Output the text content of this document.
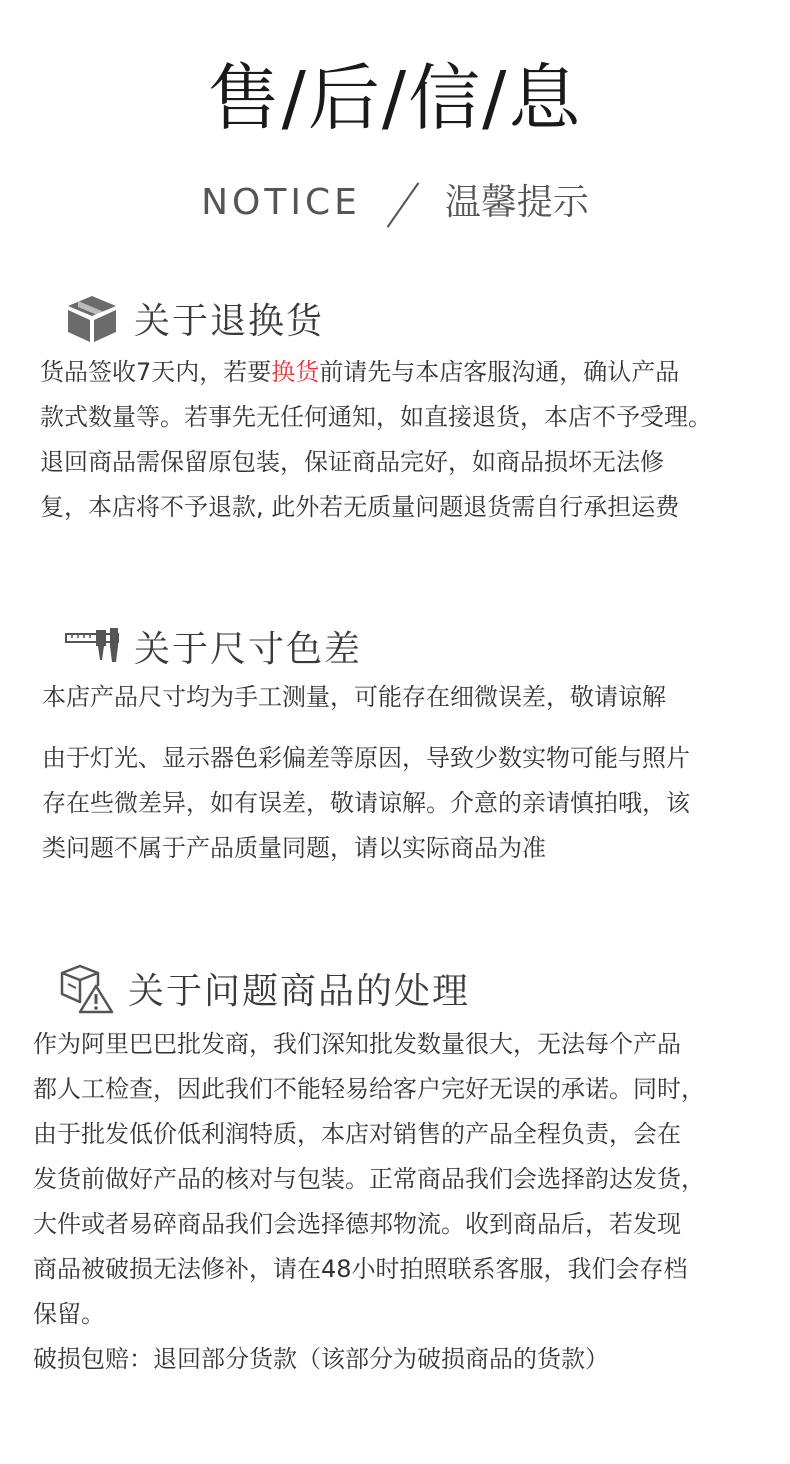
售/后/信/息
NOTICE 温馨提示
关于退换货

货品签收7天内，若要换货前请先与本店客服沟通，确认产品

款式数量等。若事先无任何通知，如直接退货，本店不予受理。

退回商品需保留原包装，保证商品完好，如商品损坏无法修

复，本店将不予退款, 此外若无质量问题退货需自行承担运费

关于尺寸色差

本店产品尺寸均为手工测量，可能存在细微误差，敬请谅解

由于灯光、显示器色彩偏差等原因，导致少数实物可能与照片

存在些微差异，如有误差，敬请谅解。介意的亲请慎拍哦，该

类问题不属于产品质量同题，请以实际商品为准

关于问题商品的处理

作为阿里巴巴批发商，我们深知批发数量很大，无法每个产品

都人工检查，因此我们不能轻易给客户完好无误的承诺。同时，

由于批发低价低利润特质，本店对销售的产品全程负责，会在

发货前做好产品的核对与包装。正常商品我们会选择韵达发货，

大件或者易碎商品我们会选择德邦物流。收到商品后，若发现

商品被破损无法修补，请在48小时拍照联系客服，我们会存档

保留。

破损包赔：退回部分货款（该部分为破损商品的货款）
